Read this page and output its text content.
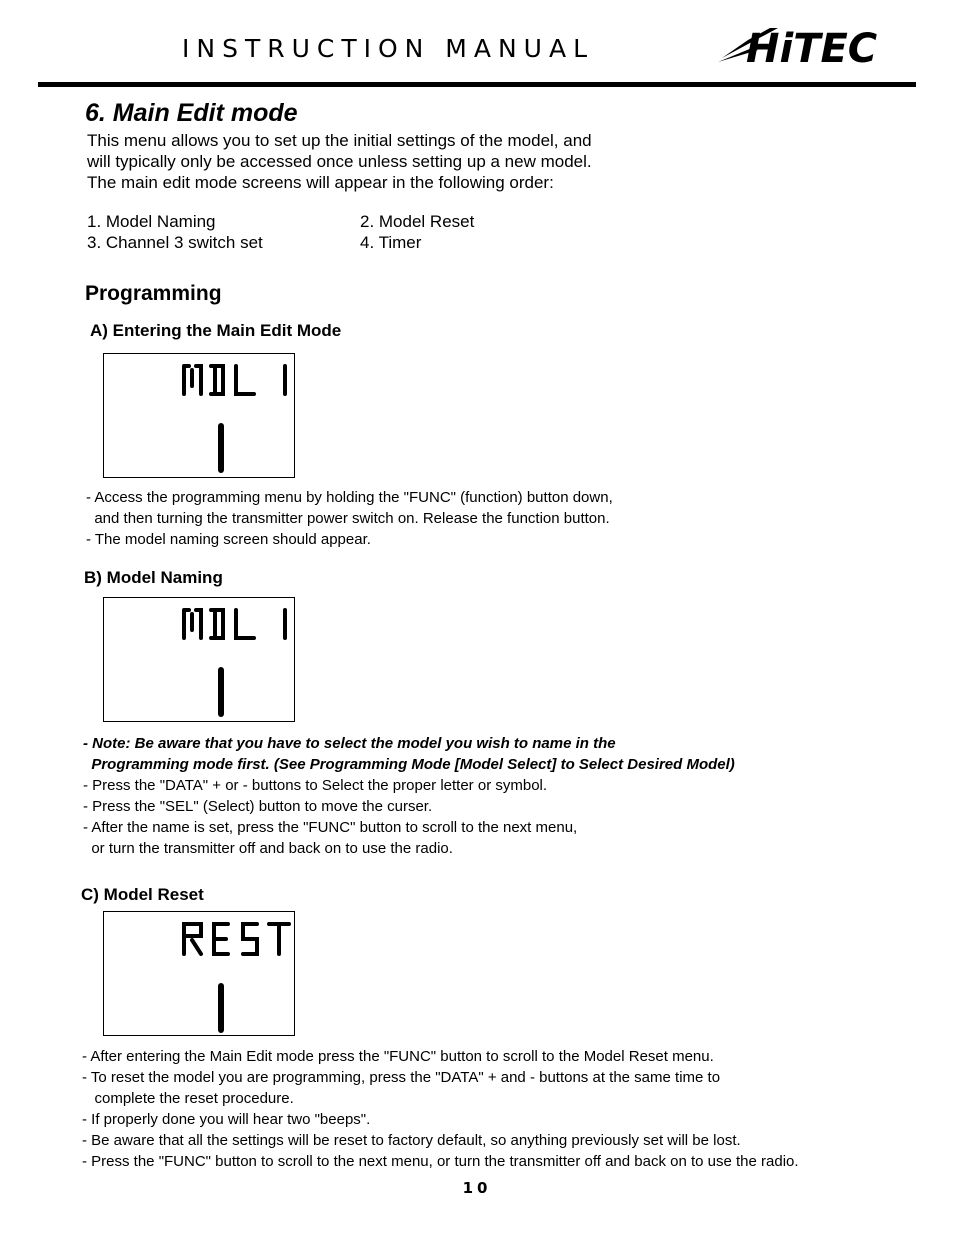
INSTRUCTION MANUAL	HiTEC
6. Main Edit mode
This menu allows you to set up the initial settings of the model, and
will typically only be accessed once unless setting up a new model.
The main edit mode screens will appear in the following order:
1. Model Naming	2. Model Reset
3. Channel 3 switch set	4. Timer
Programming
A) Entering the Main Edit Mode
- Access the programming menu by holding the "FUNC" (function) button down,
and then turning the transmitter power switch on. Release the function button.
- The model naming screen should appear.
B) Model Naming
- Note: Be aware that you have to select the model you wish to name in the
Programming mode first. (See Programming Mode [Model Select] to Select Desired Model)
- Press the "DATA" + or - buttons to Select the proper letter or symbol.
- Press the "SEL" (Select) button to move the curser.
- After the name is set, press the "FUNC" button to scroll to the next menu,
or turn the transmitter off and back on to use the radio.
C) Model Reset
- After entering the Main Edit mode press the "FUNC" button to scroll to the Model Reset menu.
- To reset the model you are programming, press the "DATA" + and - buttons at the same time to
complete the reset procedure.
- If properly done you will hear two "beeps".
- Be aware that all the settings will be reset to factory default, so anything previously set will be lost.
- Press the "FUNC" button to scroll to the next menu, or turn the transmitter off and back on to use the radio.
10
